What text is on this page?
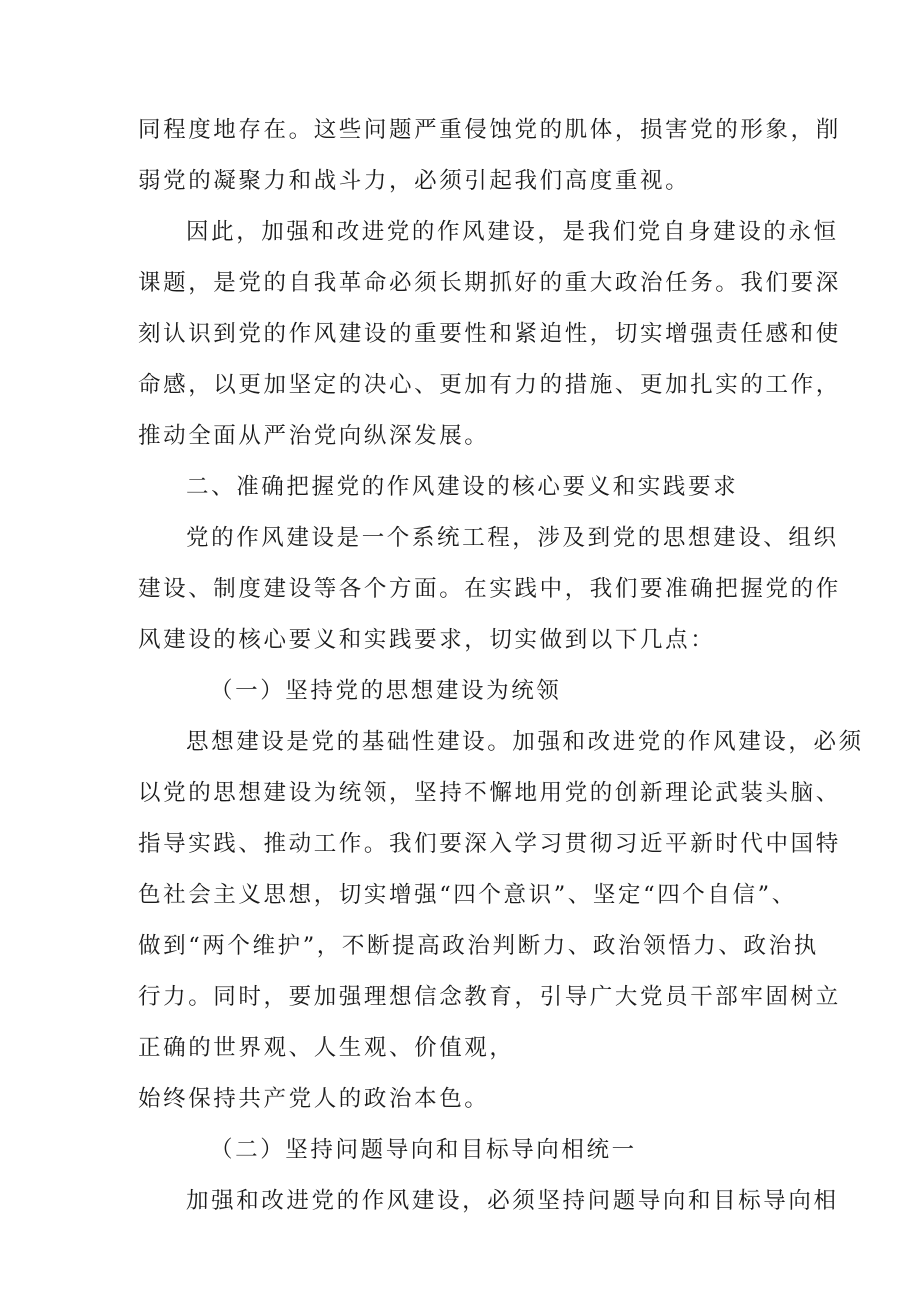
同程度地存在。这些问题严重侵蚀党的肌体，损害党的形象，削
弱党的凝聚力和战斗力，必须引起我们高度重视。
因此，加强和改进党的作风建设，是我们党自身建设的永恒
课题，是党的自我革命必须长期抓好的重大政治任务。我们要深
刻认识到党的作风建设的重要性和紧迫性，切实增强责任感和使
命感，以更加坚定的决心、更加有力的措施、更加扎实的工作，
推动全面从严治党向纵深发展。
二、准确把握党的作风建设的核心要义和实践要求
党的作风建设是一个系统工程，涉及到党的思想建设、组织
建设、制度建设等各个方面。在实践中，我们要准确把握党的作
风建设的核心要义和实践要求，切实做到以下几点：
（一）坚持党的思想建设为统领
思想建设是党的基础性建设。加强和改进党的作风建设，必须
以党的思想建设为统领，坚持不懈地用党的创新理论武装头脑、
指导实践、推动工作。我们要深入学习贯彻习近平新时代中国特
色社会主义思想，切实增强“四个意识”、坚定“四个自信”、
做到“两个维护”，不断提高政治判断力、政治领悟力、政治执
行力。同时，要加强理想信念教育，引导广大党员干部牢固树立
正确的世界观、人生观、价值观，
始终保持共产党人的政治本色。
（二）坚持问题导向和目标导向相统一
加强和改进党的作风建设，必须坚持问题导向和目标导向相
